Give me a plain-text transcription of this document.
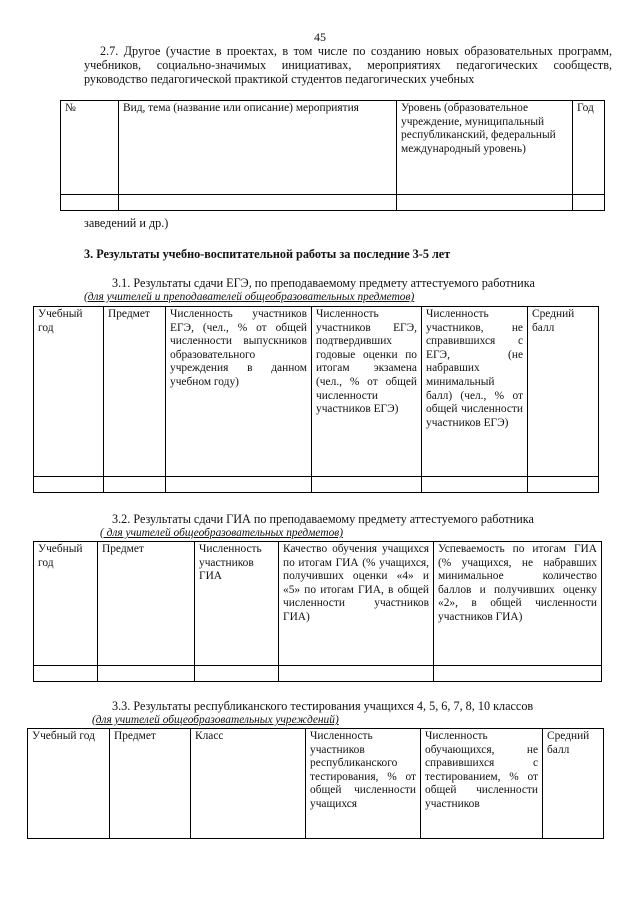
45
2.7. Другое (участие в проектах, в том числе по созданию новых образовательных программ, учебников, социально-значимых инициативах, мероприятиях педагогических сообществ, руководство педагогической практикой студентов педагогических учебных
№	Вид, тема (название или описание) мероприятия	Уровень (образовательное учреждение, муниципальный республиканский, федеральный международный уровень)	Год

заведений и др.)
3. Результаты учебно-воспитательной работы за последние 3-5 лет
3.1. Результаты сдачи ЕГЭ, по преподаваемому предмету аттестуемого работника
(для учителей и преподавателей общеобразовательных предметов)
Учебный год	Предмет	Численность участников ЕГЭ, (чел., % от общей численности выпускников образовательного учреждения в данном учебном году)	Численность участников ЕГЭ, подтвердивших годовые оценки по итогам экзамена (чел., % от общей численности участников ЕГЭ)	Численность участников, не справившихся с ЕГЭ, (не набравших минимальный балл) (чел., % от общей численности участников ЕГЭ)	Средний балл

3.2. Результаты сдачи ГИА по преподаваемому предмету аттестуемого работника
( для учителей общеобразовательных предметов)
Учебный год	Предмет	Численность участников ГИА	Качество обучения учащихся по итогам ГИА (% учащихся, получивших оценки «4» и «5» по итогам ГИА, в общей численности участников ГИА)	Успеваемость по итогам ГИА (% учащихся, не набравших минимальное количество баллов и получивших оценку «2», в общей численности участников ГИА)

3.3. Результаты республиканского тестирования учащихся 4, 5, 6, 7, 8, 10 классов
(для учителей общеобразовательных учреждений)
Учебный год	Предмет	Класс	Численность участников республиканского тестирования, % от общей численности учащихся	Численность обучающихся, не справившихся с тестированием, % от общей численности участников	Средний балл
